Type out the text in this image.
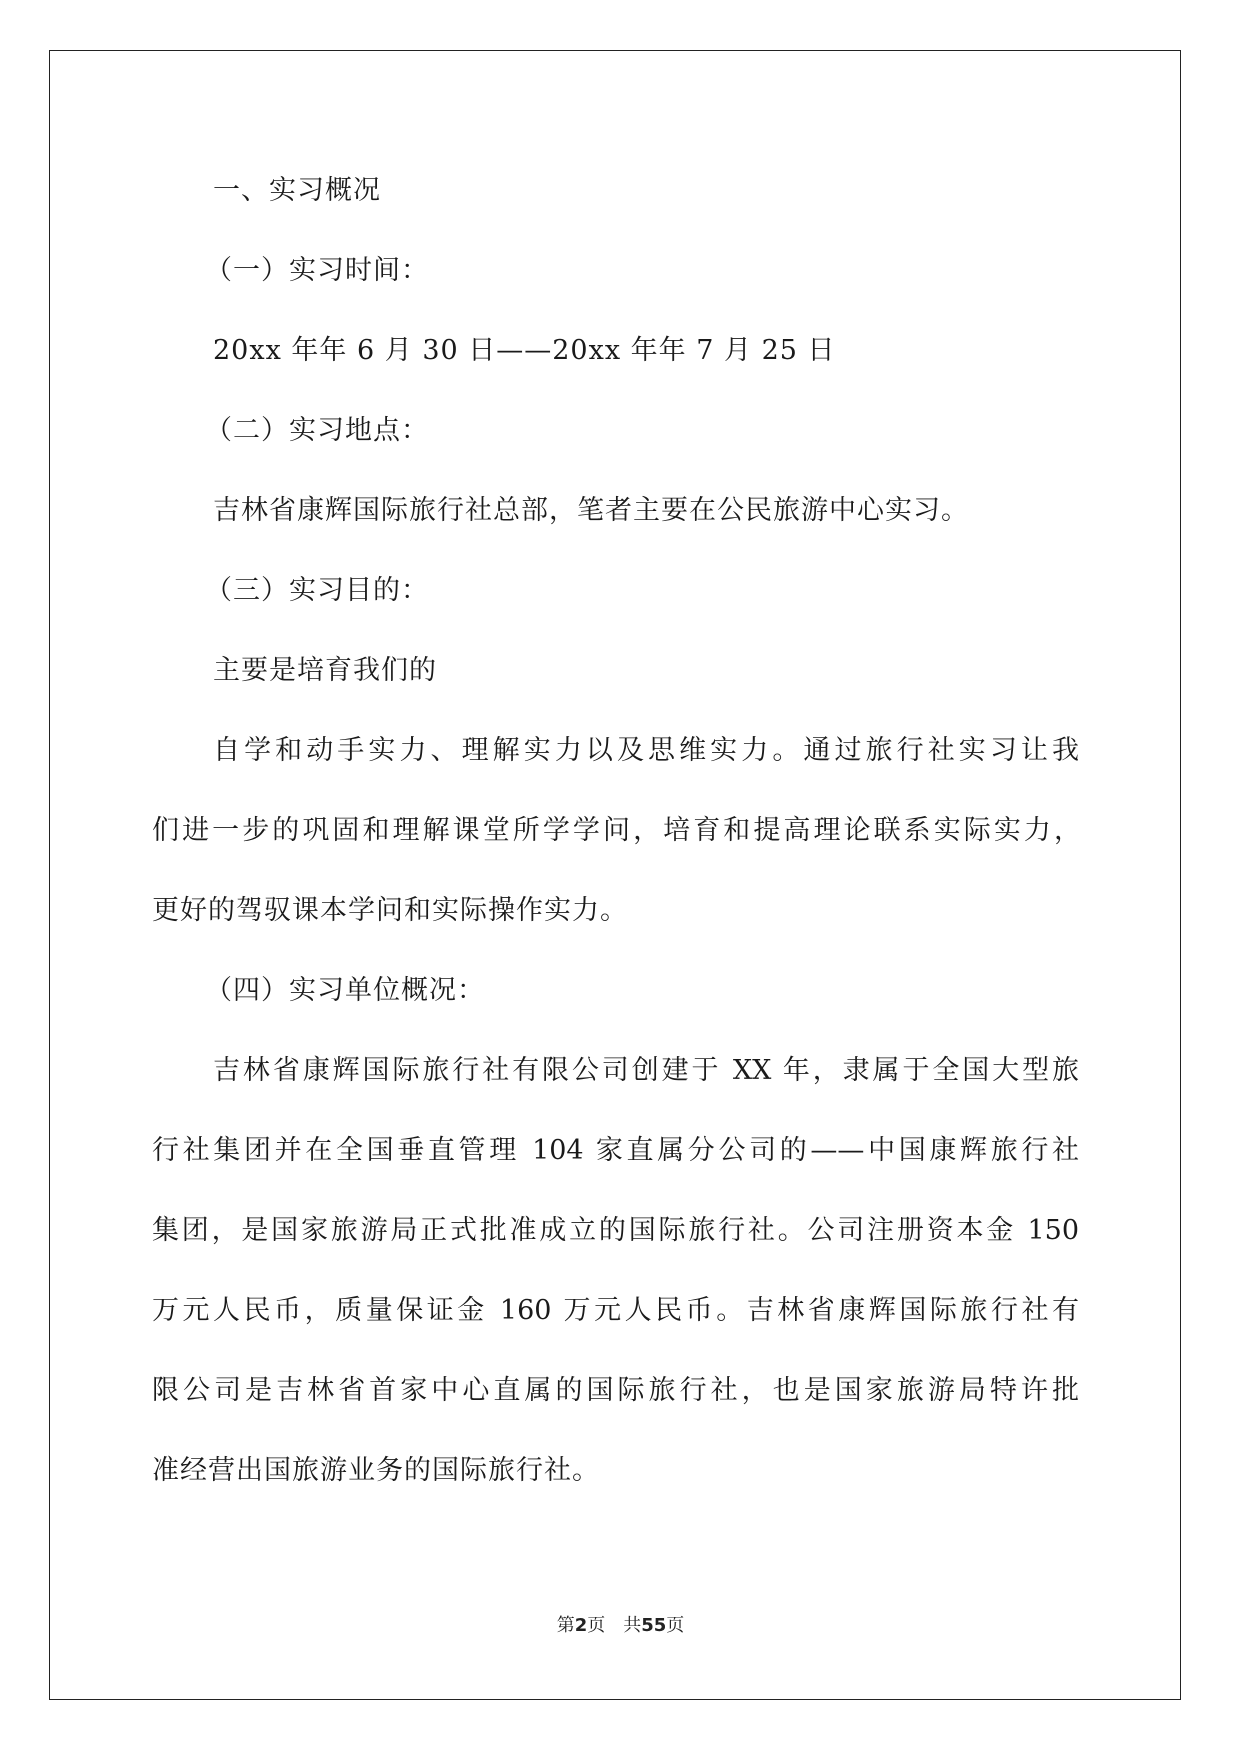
一、实习概况
（一）实习时间：
20xx 年年 6 月 30 日——20xx 年年 7 月 25 日
（二）实习地点：
吉林省康辉国际旅行社总部，笔者主要在公民旅游中心实习。
（三）实习目的：
主要是培育我们的
自学和动手实力、理解实力以及思维实力。通过旅行社实习让我
们进一步的巩固和理解课堂所学学问，培育和提高理论联系实际实力，
更好的驾驭课本学问和实际操作实力。
（四）实习单位概况：
吉林省康辉国际旅行社有限公司创建于 XX 年，隶属于全国大型旅
行社集团并在全国垂直管理 104 家直属分公司的——中国康辉旅行社
集团，是国家旅游局正式批准成立的国际旅行社。公司注册资本金 150
万元人民币，质量保证金 160 万元人民币。吉林省康辉国际旅行社有
限公司是吉林省首家中心直属的国际旅行社，也是国家旅游局特许批
准经营出国旅游业务的国际旅行社。
第2页　共55页
